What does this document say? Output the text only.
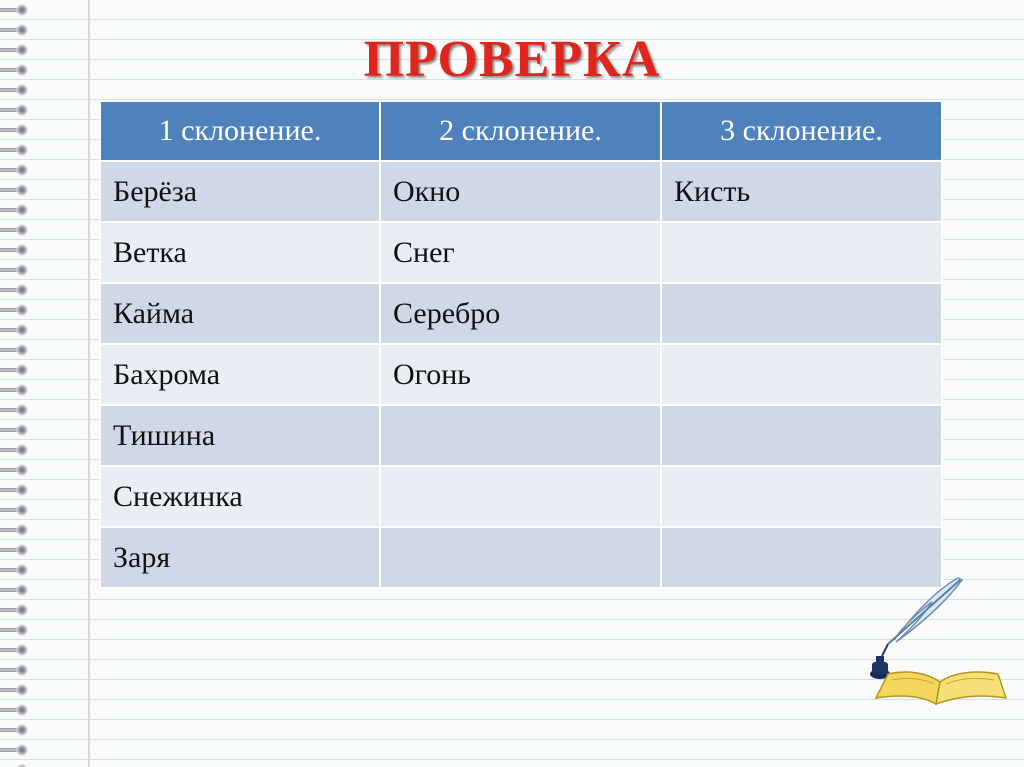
ПРОВЕРКА
1 склонение.	2 склонение.	3 склонение.
Берёза	Окно	Кисть
Ветка	Снег	
Кайма	Серебро	
Бахрома	Огонь	
Тишина		
Снежинка		
Заря		
